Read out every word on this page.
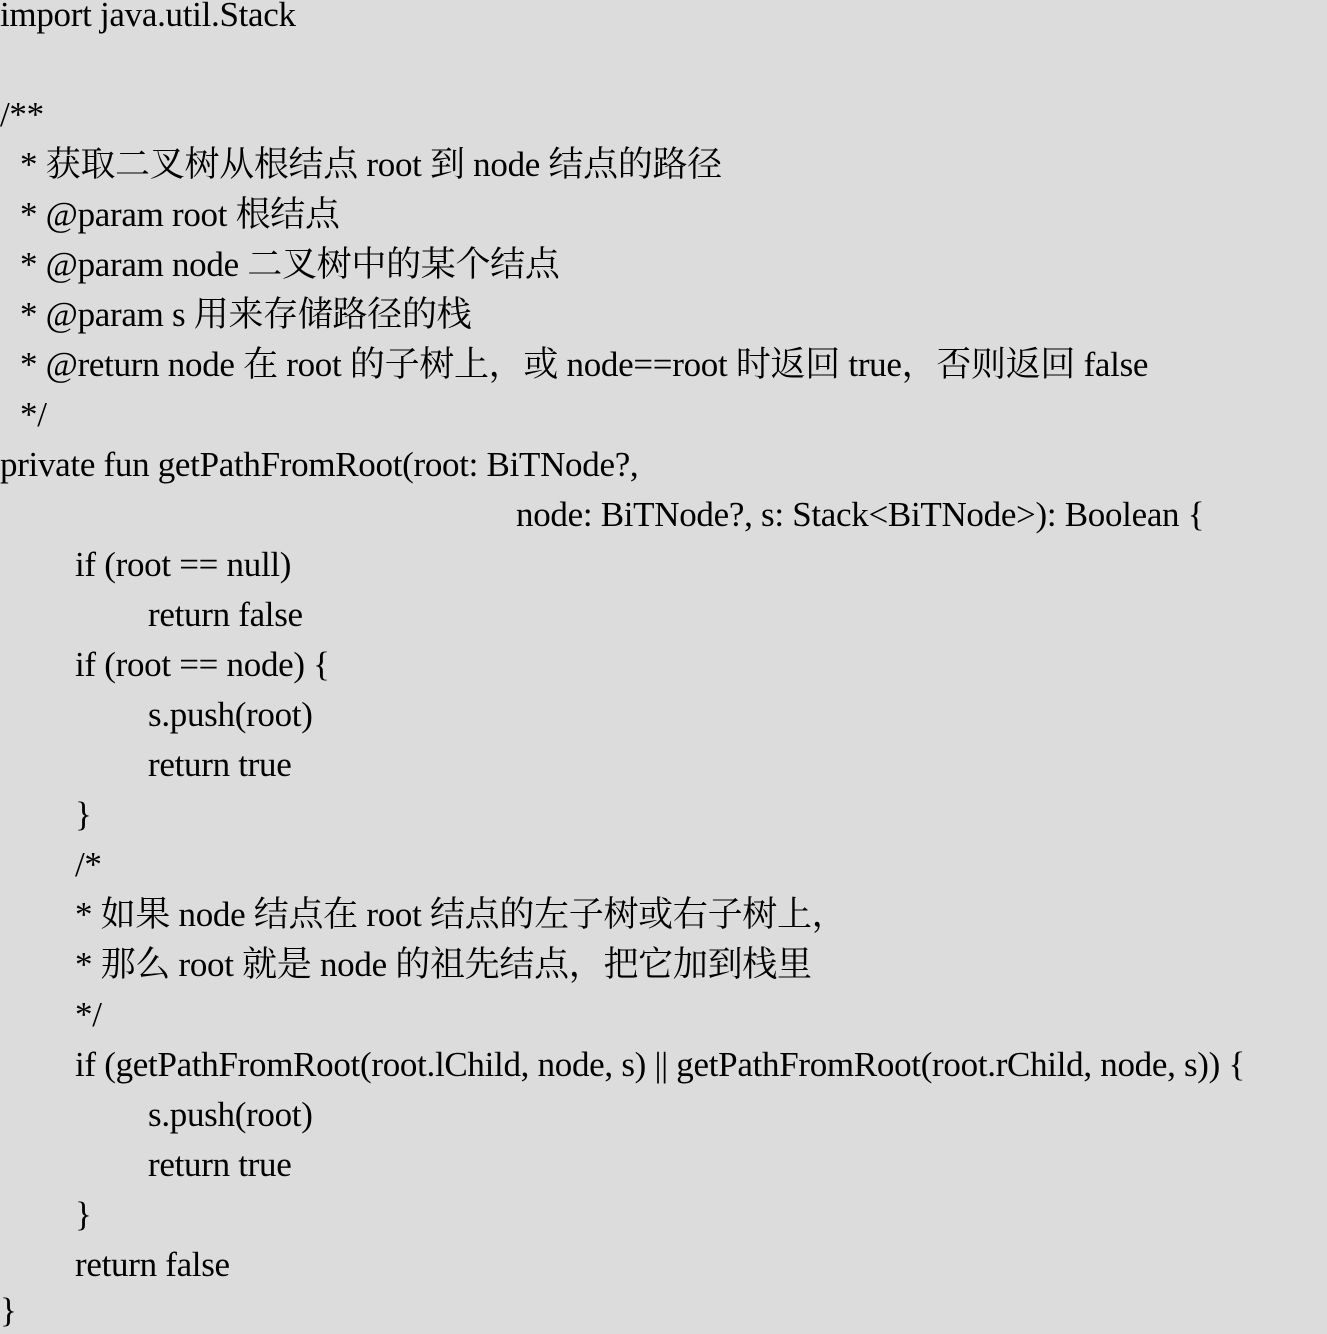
import java.util.Stack
/**
* 获取二叉树从根结点 root 到 node 结点的路径
* @param root 根结点
* @param node 二叉树中的某个结点
* @param s 用来存储路径的栈
* @return node 在 root 的子树上，或 node==root 时返回 true，否则返回 false
*/
private fun getPathFromRoot(root: BiTNode?,
node: BiTNode?, s: Stack<BiTNode>): Boolean {
if (root == null)
return false
if (root == node) {
s.push(root)
return true
}
/*
* 如果 node 结点在 root 结点的左子树或右子树上，
* 那么 root 就是 node 的祖先结点，把它加到栈里
*/
if (getPathFromRoot(root.lChild, node, s) || getPathFromRoot(root.rChild, node, s)) {
s.push(root)
return true
}
return false
}
